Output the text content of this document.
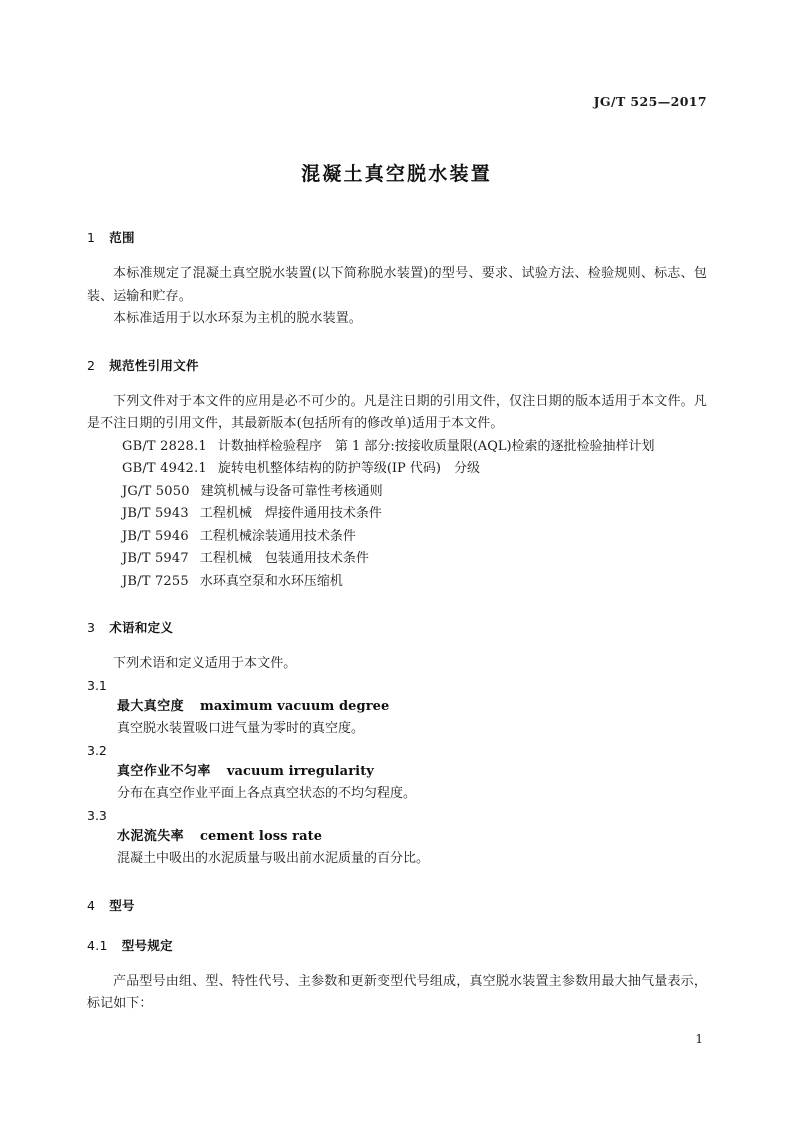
JG/T 525—2017
混凝土真空脱水装置
1 范围

本标准规定了混凝土真空脱水装置(以下简称脱水装置)的型号、要求、试验方法、检验规则、标志、包装、运输和贮存。

本标准适用于以水环泵为主机的脱水装置。

2 规范性引用文件

下列文件对于本文件的应用是必不可少的。凡是注日期的引用文件，仅注日期的版本适用于本文件。凡是不注日期的引用文件，其最新版本(包括所有的修改单)适用于本文件。

GB/T 2828.1 计数抽样检验程序　第 1 部分:按接收质量限(AQL)检索的逐批检验抽样计划
GB/T 4942.1 旋转电机整体结构的防护等级(IP 代码)　分级
JG/T 5050 建筑机械与设备可靠性考核通则
JB/T 5943 工程机械　焊接件通用技术条件
JB/T 5946 工程机械涂装通用技术条件
JB/T 5947 工程机械　包装通用技术条件
JB/T 7255 水环真空泵和水环压缩机
3 术语和定义

下列术语和定义适用于本文件。

3.1
最大真空度 maximum vacuum degree
真空脱水装置吸口进气量为零时的真空度。
3.2
真空作业不匀率 vacuum irregularity
分布在真空作业平面上各点真空状态的不均匀程度。
3.3
水泥流失率 cement loss rate
混凝土中吸出的水泥质量与吸出前水泥质量的百分比。
4 型号
4.1 型号规定

产品型号由组、型、特性代号、主参数和更新变型代号组成，真空脱水装置主参数用最大抽气量表示，标记如下：

1
